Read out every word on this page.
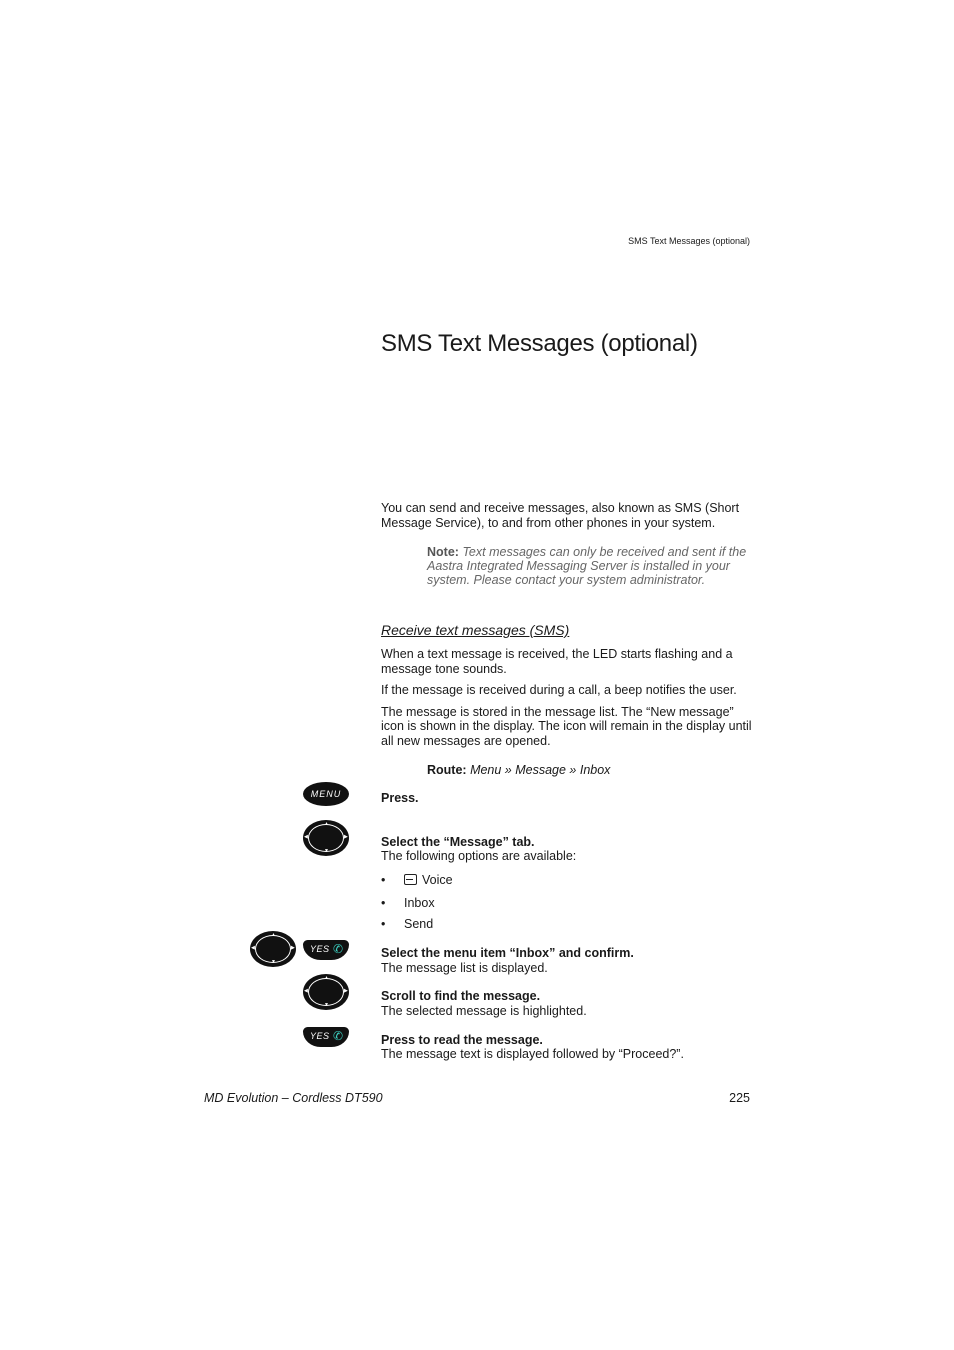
SMS Text Messages (optional)
SMS Text Messages (optional)

You can send and receive messages, also known as SMS (Short

Message Service), to and from other phones in your system.

Note: Text messages can only be received and sent if the
Aastra Integrated Messaging Server is installed in your
system. Please contact your system administrator.
Receive text messages (SMS)

When a text message is received, the LED starts flashing and a

message tone sounds.

If the message is received during a call, a beep notifies the user.

The message is stored in the message list. The “New message”

icon is shown in the display. The icon will remain in the display until

all new messages are opened.

Route: Menu » Message » Inbox
MENU	Press.
▲
▼
◀	▶	Select the “Message” tab.
The following options are available:
•	Voice
• Inbox
• Send
▲
▼
◀	▶ YES ✆	Select the menu item “Inbox” and confirm.
The message list is displayed.
▲
▼
◀	▶	Scroll to find the message.
The selected message is highlighted.
YES ✆	Press to read the message.
The message text is displayed followed by “Proceed?”.
MD Evolution – Cordless DT590	225
